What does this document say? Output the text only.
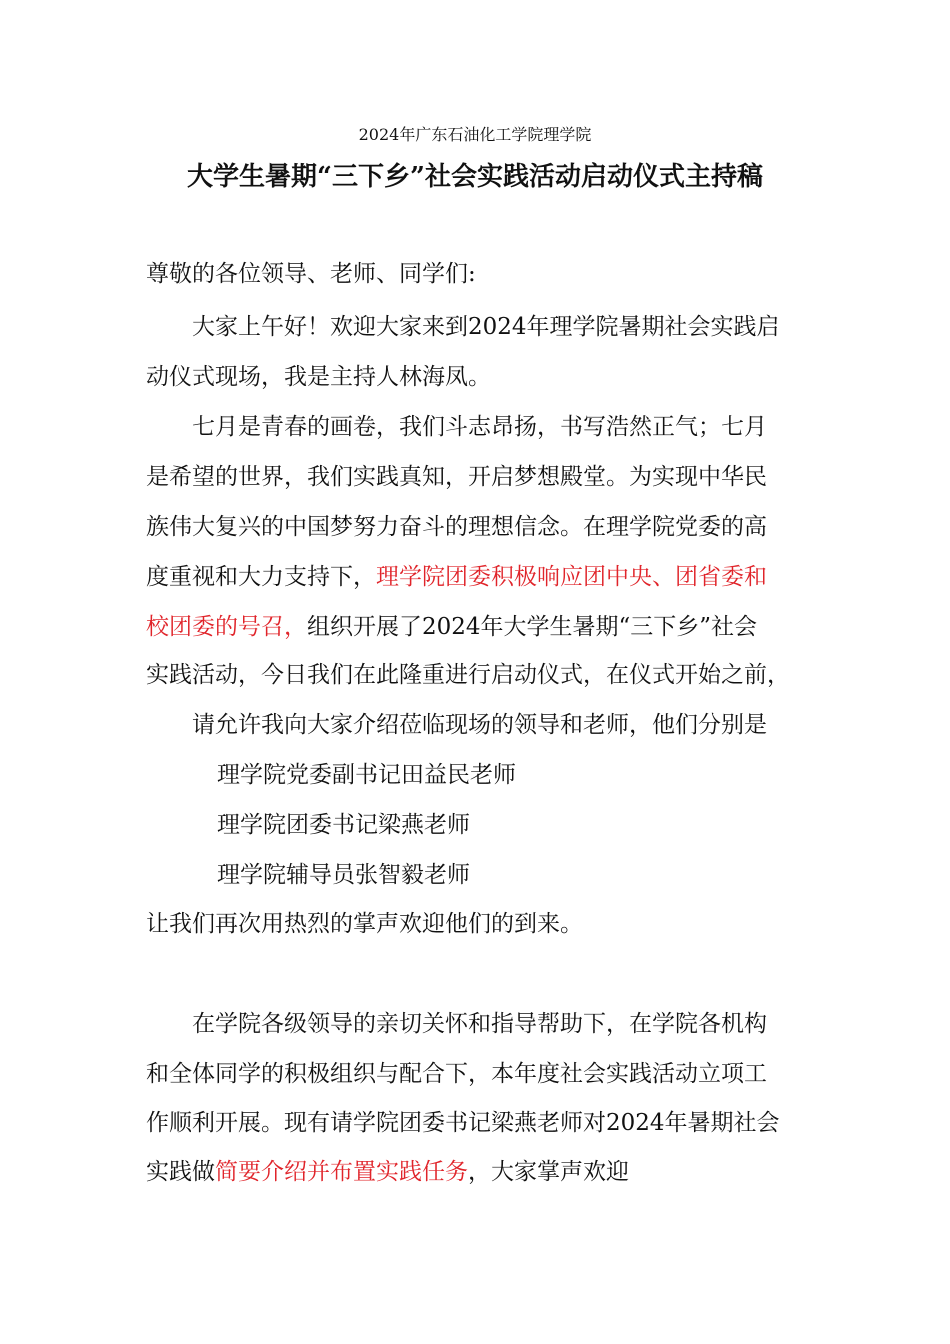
2024年广东石油化工学院理学院
大学生暑期“三下乡”社会实践活动启动仪式主持稿
尊敬的各位领导、老师、同学们:
大家上午好！欢迎大家来到2024年理学院暑期社会实践启
动仪式现场，我是主持人林海凤。
七月是青春的画卷，我们斗志昂扬，书写浩然正气；七月
是希望的世界，我们实践真知，开启梦想殿堂。为实现中华民
族伟大复兴的中国梦努力奋斗的理想信念。在理学院党委的高
度重视和大力支持下，理学院团委积极响应团中央、团省委和
校团委的号召，组织开展了2024年大学生暑期“三下乡”社会
实践活动，今日我们在此隆重进行启动仪式，在仪式开始之前，
请允许我向大家介绍莅临现场的领导和老师，他们分别是
理学院党委副书记田益民老师
理学院团委书记梁燕老师
理学院辅导员张智毅老师
让我们再次用热烈的掌声欢迎他们的到来。
在学院各级领导的亲切关怀和指导帮助下，在学院各机构
和全体同学的积极组织与配合下，本年度社会实践活动立项工
作顺利开展。现有请学院团委书记梁燕老师对2024年暑期社会
实践做简要介绍并布置实践任务，大家掌声欢迎
